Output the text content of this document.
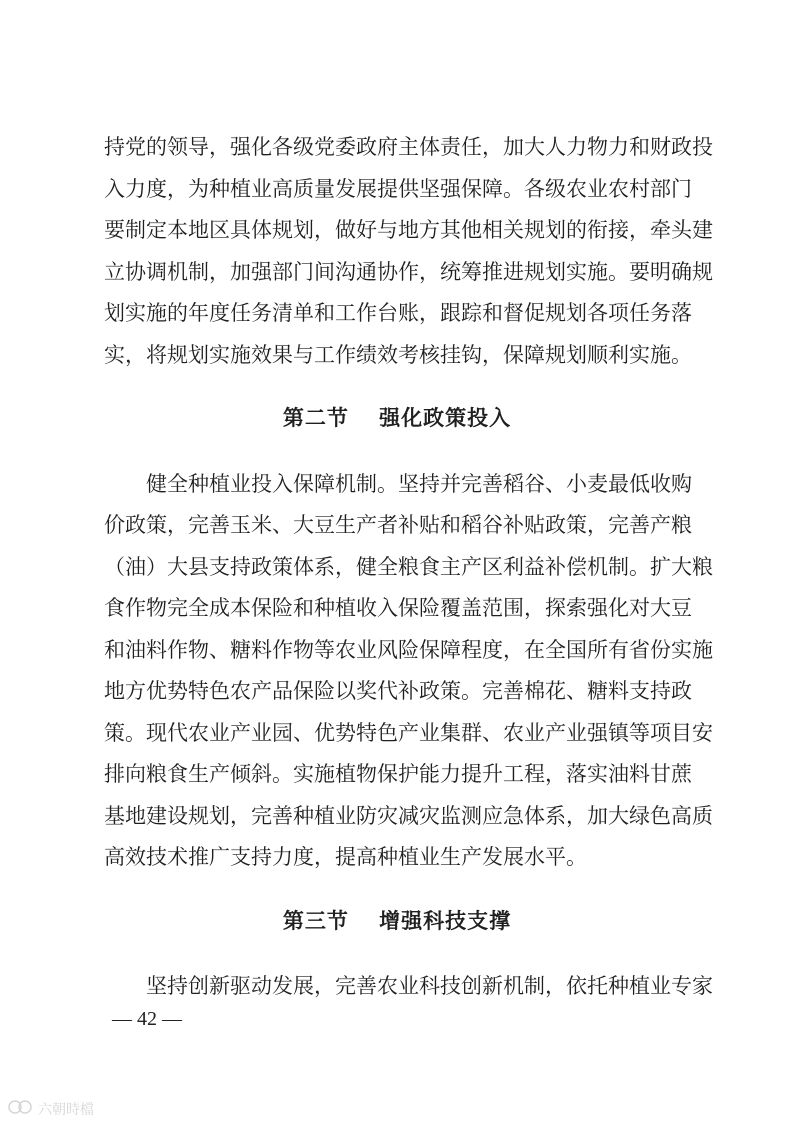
持党的领导，强化各级党委政府主体责任，加大人力物力和财政投
入力度，为种植业高质量发展提供坚强保障。各级农业农村部门
要制定本地区具体规划，做好与地方其他相关规划的衔接，牵头建
立协调机制，加强部门间沟通协作，统筹推进规划实施。要明确规
划实施的年度任务清单和工作台账，跟踪和督促规划各项任务落
实，将规划实施效果与工作绩效考核挂钩，保障规划顺利实施。
第二节　 强化政策投入
健全种植业投入保障机制。坚持并完善稻谷、小麦最低收购
价政策，完善玉米、大豆生产者补贴和稻谷补贴政策，完善产粮
（油）大县支持政策体系，健全粮食主产区利益补偿机制。扩大粮
食作物完全成本保险和种植收入保险覆盖范围，探索强化对大豆
和油料作物、糖料作物等农业风险保障程度，在全国所有省份实施
地方优势特色农产品保险以奖代补政策。完善棉花、糖料支持政
策。现代农业产业园、优势特色产业集群、农业产业强镇等项目安
排向粮食生产倾斜。实施植物保护能力提升工程，落实油料甘蔗
基地建设规划，完善种植业防灾减灾监测应急体系，加大绿色高质
高效技术推广支持力度，提高种植业生产发展水平。
第三节　 增强科技支撑
坚持创新驱动发展，完善农业科技创新机制，依托种植业专家
— 42 —
六朝時檔
